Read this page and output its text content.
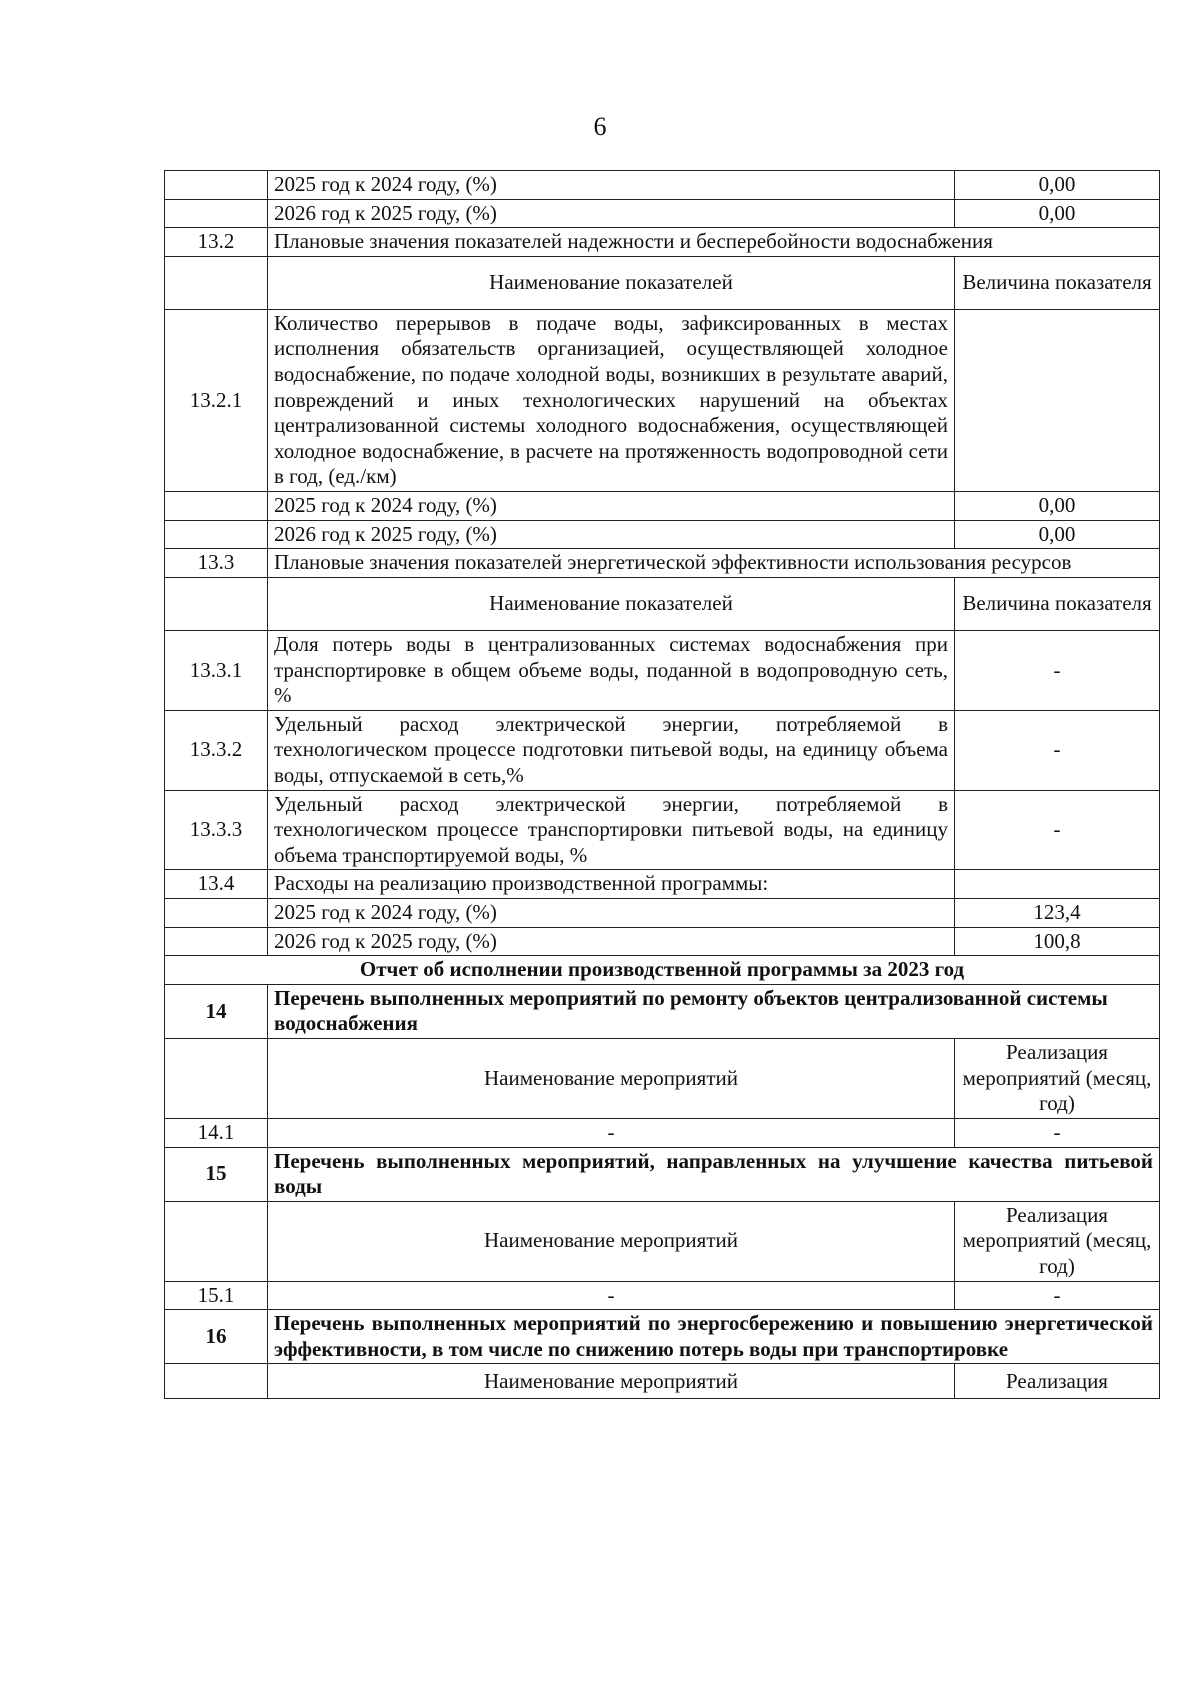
6
	2025 год к 2024 году, (%)	0,00
	2026 год к 2025 году, (%)	0,00
13.2	Плановые значения показателей надежности и бесперебойности водоснабжения	
	Наименование показателей	Величина показателя
13.2.1	Количество перерывов в подаче воды, зафиксированных в местах исполнения обязательств организацией, осуществляющей холодное водоснабжение, по подаче холодной воды, возникших в результате аварий, повреждений и иных технологических нарушений на объектах централизованной системы холодного водоснабжения, осуществляющей холодное водоснабжение, в расчете на протяженность водопроводной сети в год, (ед./км)	
	2025 год к 2024 году, (%)	0,00
	2026 год к 2025 году, (%)	0,00
13.3	Плановые значения показателей энергетической эффективности использования ресурсов	
	Наименование показателей	Величина показателя
13.3.1	Доля потерь воды в централизованных системах водоснабжения при транспортировке в общем объеме воды, поданной в водопроводную сеть, %	-
13.3.2	Удельный расход электрической энергии, потребляемой в технологическом процессе подготовки питьевой воды, на единицу объема воды, отпускаемой в сеть,%	-
13.3.3	Удельный расход электрической энергии, потребляемой в технологическом процессе транспортировки питьевой воды, на единицу объема транспортируемой воды, %	-
13.4	Расходы на реализацию производственной программы:	
	2025 год к 2024 году, (%)	123,4
	2026 год к 2025 году, (%)	100,8
Отчет об исполнении производственной программы за 2023 год		
14	Перечень выполненных мероприятий по ремонту объектов централизованной системы водоснабжения	
	Наименование мероприятий	Реализация мероприятий (месяц, год)
14.1	-	-
15	Перечень выполненных мероприятий, направленных на улучшение качества питьевой воды	
	Наименование мероприятий	Реализация мероприятий (месяц, год)
15.1	-	-
16	Перечень выполненных мероприятий по энергосбережению и повышению энергетической эффективности, в том числе по снижению потерь воды при транспортировке	
	Наименование мероприятий	Реализация
